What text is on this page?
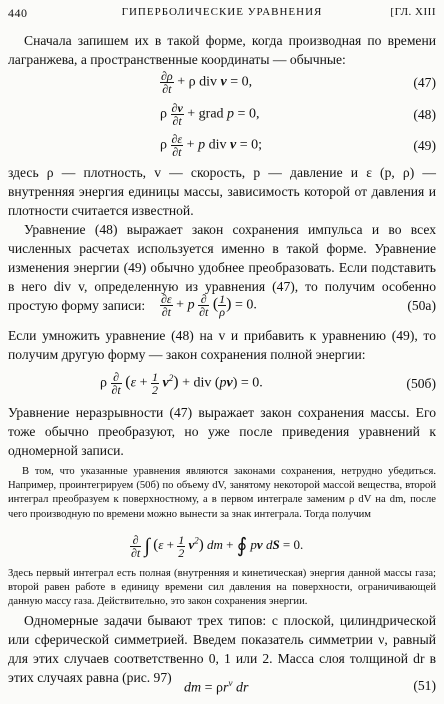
440	ГИПЕРБОЛИЧЕСКИЕ УРАВНЕНИЯ	[ГЛ. XIII
Сначала запишем их в такой форме, когда производная по времени лагранжева, а пространственные координаты — обычные:
$\frac{\partial\rho}{\partial t} + \rho$ div v = 0,	(47)
ρ $\frac{\partial v}{\partial t}$ + grad p = 0,	(48)
ρ $\frac{\partial\varepsilon}{\partial t} + p$ div v = 0;	(49)
здесь ρ — плотность, v — скорость, p — давление и ε (p, ρ) — внутренняя энергия единицы массы, зависимость которой от давления и плотности считается известной.
Уравнение (48) выражает закон сохранения импульса и во всех численных расчетах используется именно в такой форме. Уравнение изменения энергии (49) обычно удобнее преобразовать. Если подставить в него div v, определенную из уравнения (47), то получим особенно простую форму записи:	$\frac{\partial\varepsilon}{\partial t} + p \frac{\partial}{\partial t}$ ( $\frac{1}{\rho}$ ) = 0.	(50а)
Если умножить уравнение (48) на v и прибавить к уравнению (49), то получим другую форму — закон сохранения полной энергии:
ρ $\frac{\partial}{\partial t} (\varepsilon + \frac{1}{2} v^2)$ + div (pv) = 0.	(50б)
Уравнение неразрывности (47) выражает закон сохранения массы. Его тоже обычно преобразуют, но уже после приведения уравнений к одномерной записи.
В том, что указанные уравнения являются законами сохранения, нетрудно убедиться. Например, проинтегрируем (50б) по объему dV, занятому некоторой массой вещества, второй интеграл преобразуем к поверхностному, а в первом интеграле заменим ρ dV на dm, после чего производную по времени можно вынести за знак интеграла. Тогда получим
$\frac{\partial}{\partial t}$ ∫ $(\varepsilon + \frac{1}{2} v^2)$ dm + ∮ pv dS = 0.
Здесь первый интеграл есть полная (внутренняя и кинетическая) энергия данной массы газа; второй равен работе в единицу времени сил давления на поверхности, ограничивающей данную массу газа. Действительно, это закон сохранения энергии.
Одномерные задачи бывают трех типов: с плоской, цилиндрической или сферической симметрией. Введем показатель симметрии ν, равный для этих случаев соответственно 0, 1 или 2. Масса слоя толщиной dr в этих случаях равна (рис. 97)
dm = $\rho r^\nu$ dr	(51)
